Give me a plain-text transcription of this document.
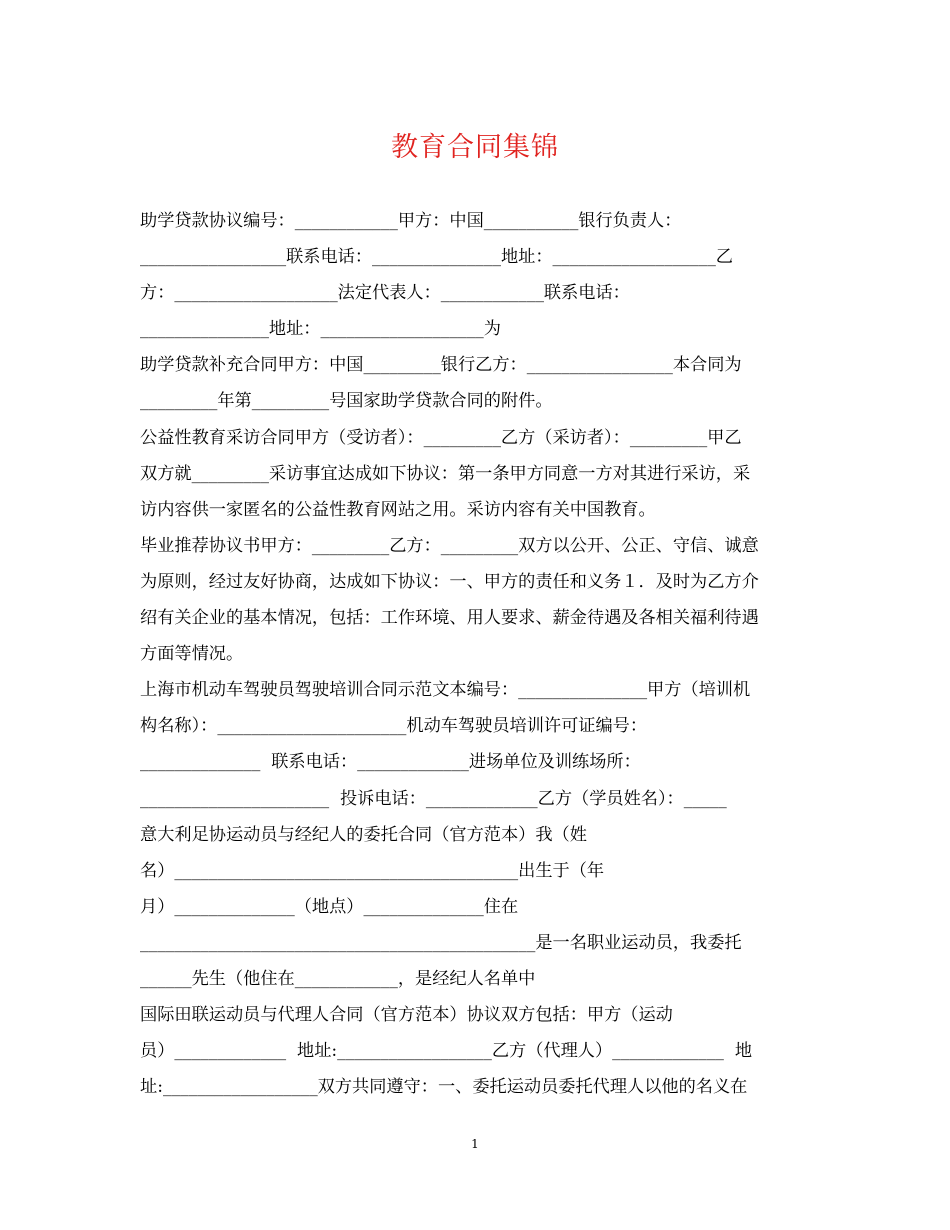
教育合同集锦
助学贷款协议编号：____________甲方：中国___________银行负责人：
_________________联系电话：_______________地址：___________________乙
方：___________________法定代表人：____________联系电话：
_______________地址：___________________为
助学贷款补充合同甲方：中国_________银行乙方：_________________本合同为
_________年第_________号国家助学贷款合同的附件。
公益性教育采访合同甲方（受访者）：_________乙方（采访者）：_________甲乙
双方就_________采访事宜达成如下协议：第一条甲方同意一方对其进行采访，采
访内容供一家匿名的公益性教育网站之用。采访内容有关中国教育。
毕业推荐协议书甲方：_________乙方：_________双方以公开、公正、守信、诚意
为原则，经过友好协商，达成如下协议：一、甲方的责任和义务１．及时为乙方介
绍有关企业的基本情况，包括：工作环境、用人要求、薪金待遇及各相关福利待遇
方面等情况。
上海市机动车驾驶员驾驶培训合同示范文本编号：_______________甲方（培训机
构名称）：______________________机动车驾驶员培训许可证编号：
______________  联系电话：_____________进场单位及训练场所：
______________________  投诉电话：_____________乙方（学员姓名）：_____
意大利足协运动员与经纪人的委托合同（官方范本）我（姓
名）________________________________________出生于（年
月）______________（地点）______________住在
______________________________________________是一名职业运动员，我委托
______先生（他住在____________，是经纪人名单中
国际田联运动员与代理人合同（官方范本）协议双方包括：甲方（运动
员）_____________  地址:__________________乙方（代理人）_____________  地
址:__________________双方共同遵守：一、委托运动员委托代理人以他的名义在
1
